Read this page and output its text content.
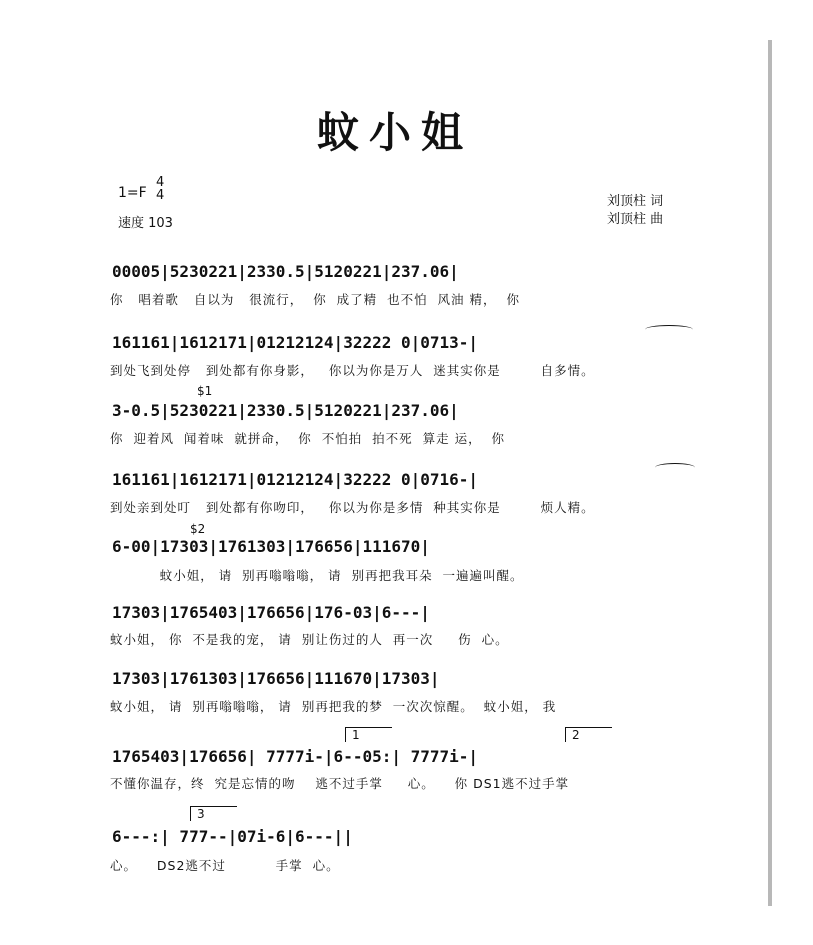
蚊小姐
1=F
4
4
速度 103
刘顶柱 词
刘顶柱 曲
00005|5230221|2330.5|5120221|237.06|
你   唱着歌   自以为   很流行，  你  成了精  也不怕  风油 精，  你
161161|1612171|01212124|32222 0|0713-|
到处飞到处停   到处都有你身影，   你以为你是万人  迷其实你是        自多情。
$1
3-0.5|5230221|2330.5|5120221|237.06|
你  迎着风  闻着味  就拼命，  你  不怕拍  拍不死  算走 运，  你
161161|1612171|01212124|32222 0|0716-|
到处亲到处叮   到处都有你吻印，   你以为你是多情  种其实你是        烦人精。
$2
6-00|17303|1761303|176656|111670|
蚊小姐， 请  别再嗡嗡嗡， 请  别再把我耳朵  一遍遍叫醒。
17303|1765403|176656|176-03|6---|
蚊小姐， 你  不是我的宠， 请  别让伤过的人  再一次     伤  心。
17303|1761303|176656|111670|17303|
蚊小姐， 请  别再嗡嗡嗡， 请  别再把我的梦  一次次惊醒。  蚊小姐， 我
1	2
1765403|176656| 7777i-|6--05:| 7777i-|
不懂你温存，终  究是忘情的吻    逃不过手掌     心。    你 DS1逃不过手掌
3
6---:| 777--|07i-6|6---||
心。    DS2逃不过          手掌  心。
